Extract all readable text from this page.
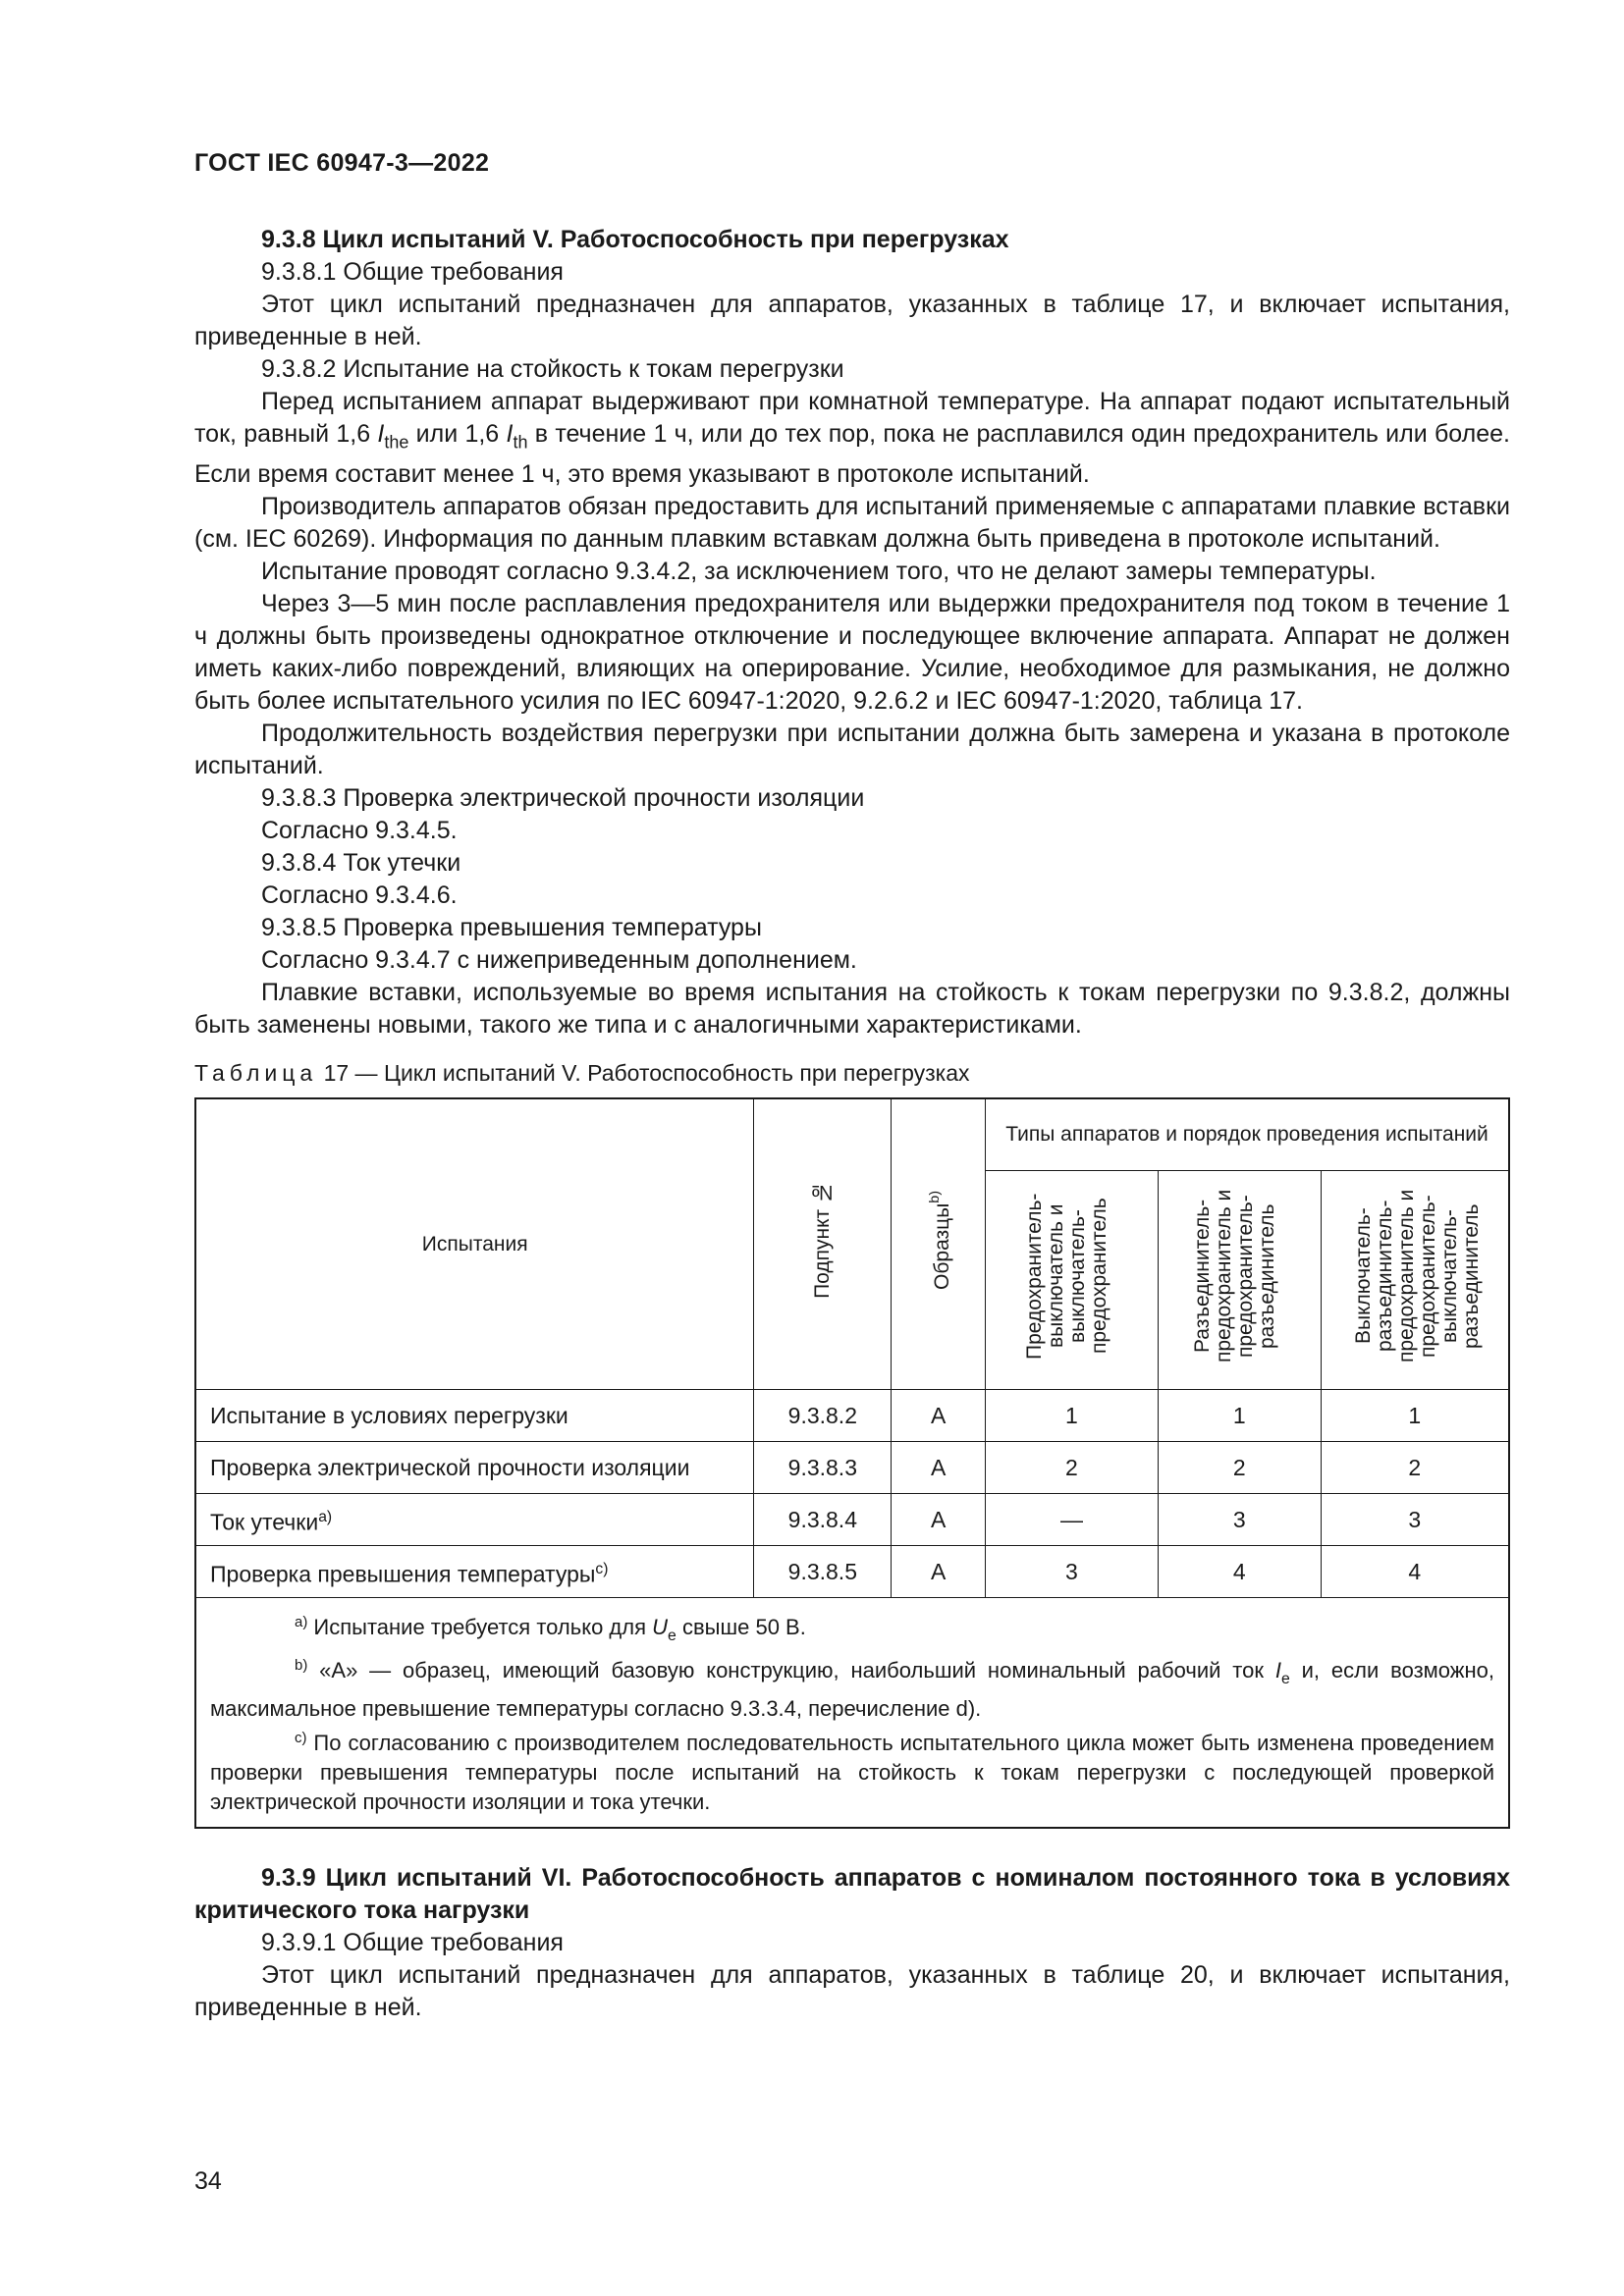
ГОСТ IEC 60947-3—2022

9.3.8 Цикл испытаний V. Работоспособность при перегрузках

9.3.8.1 Общие требования

Этот цикл испытаний предназначен для аппаратов, указанных в таблице 17, и включает испытания, приведенные в ней.

9.3.8.2 Испытание на стойкость к токам перегрузки

Перед испытанием аппарат выдерживают при комнатной температуре. На аппарат подают испытательный ток, равный 1,6 $I_{the}$ или 1,6 $I_{th}$ в течение 1 ч, или до тех пор, пока не расплавился один предохранитель или более. Если время составит менее 1 ч, это время указывают в протоколе испытаний.

Производитель аппаратов обязан предоставить для испытаний применяемые с аппаратами плавкие вставки (см. IEC 60269). Информация по данным плавким вставкам должна быть приведена в протоколе испытаний.

Испытание проводят согласно 9.3.4.2, за исключением того, что не делают замеры температуры.

Через 3—5 мин после расплавления предохранителя или выдержки предохранителя под током в течение 1 ч должны быть произведены однократное отключение и последующее включение аппарата. Аппарат не должен иметь каких-либо повреждений, влияющих на оперирование. Усилие, необходимое для размыкания, не должно быть более испытательного усилия по IEC 60947-1:2020, 9.2.6.2 и IEC 60947-1:2020, таблица 17.

Продолжительность воздействия перегрузки при испытании должна быть замерена и указана в протоколе испытаний.

9.3.8.3 Проверка электрической прочности изоляции

Согласно 9.3.4.5.

9.3.8.4 Ток утечки

Согласно 9.3.4.6.

9.3.8.5 Проверка превышения температуры

Согласно 9.3.4.7 с нижеприведенным дополнением.

Плавкие вставки, используемые во время испытания на стойкость к токам перегрузки по 9.3.8.2, должны быть заменены новыми, такого же типа и с аналогичными характеристиками.

Таблица 17 — Цикл испытаний V. Работоспособность при перегрузках
Испытания	Подпункт №	Образцы$^{b)}$	Типы аппаратов и порядок проведения испытаний		
			Предохранитель-выключатель и выключатель-предохранитель	Разъединитель-предохранитель и предохранитель-разъединитель	Выключатель-разъединитель-предохранитель и предохранитель-выключатель-разъединитель
Испытание в условиях перегрузки	9.3.8.2	A	1	1	1
Проверка электрической прочности изоляции	9.3.8.3	A	2	2	2
Ток утечки$^{a)}$	9.3.8.4	A	—	3	3
Проверка превышения температуры$^{c)}$	9.3.8.5	A	3	4	4

$^{a)}$ Испытание требуется только для $U_e$ свыше 50 В.

$^{b)}$ «А» — образец, имеющий базовую конструкцию, наибольший номинальный рабочий ток $I_e$ и, если возможно, максимальное превышение температуры согласно 9.3.3.4, перечисление d).

$^{c)}$ По согласованию с производителем последовательность испытательного цикла может быть изменена проведением проверки превышения температуры после испытаний на стойкость к токам перегрузки с последующей проверкой электрической прочности изоляции и тока утечки.					

9.3.9 Цикл испытаний VI. Работоспособность аппаратов с номиналом постоянного тока в условиях критического тока нагрузки

9.3.9.1 Общие требования

Этот цикл испытаний предназначен для аппаратов, указанных в таблице 20, и включает испытания, приведенные в ней.

34
